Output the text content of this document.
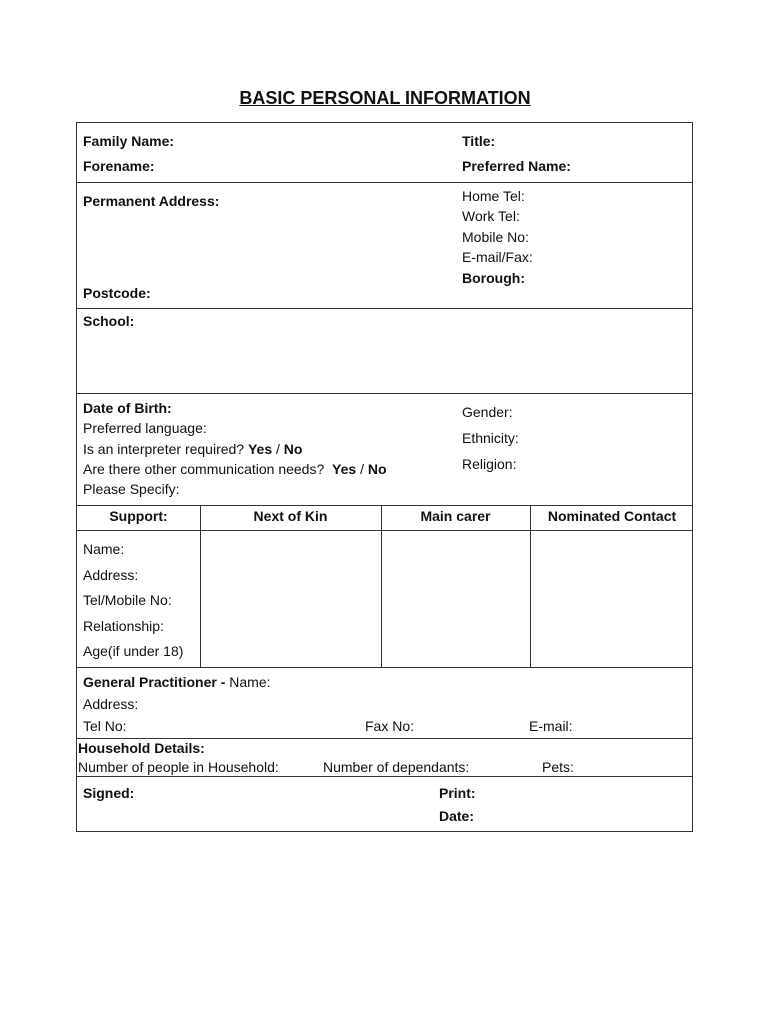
BASIC PERSONAL INFORMATION
Family Name:	Title:
Forename:	Preferred Name:
Permanent Address:
Postcode:
Home Tel:
Work Tel:
Mobile No:
E-mail/Fax:
Borough:
School:
Date of Birth:
Preferred language:
Is an interpreter required? Yes / No
Are there other communication needs? Yes / No
Please Specify:
Gender:
Ethnicity:
Religion:
Support:	Next of Kin	Main carer	Nominated Contact
Name:
Address:
Tel/Mobile No:
Relationship:
Age(if under 18)
General Practitioner - Name:
Address:
Tel No:	Fax No:	E-mail:
Household Details:
Number of people in Household:	Number of dependants:	Pets:
Signed:	Print:
Date:
